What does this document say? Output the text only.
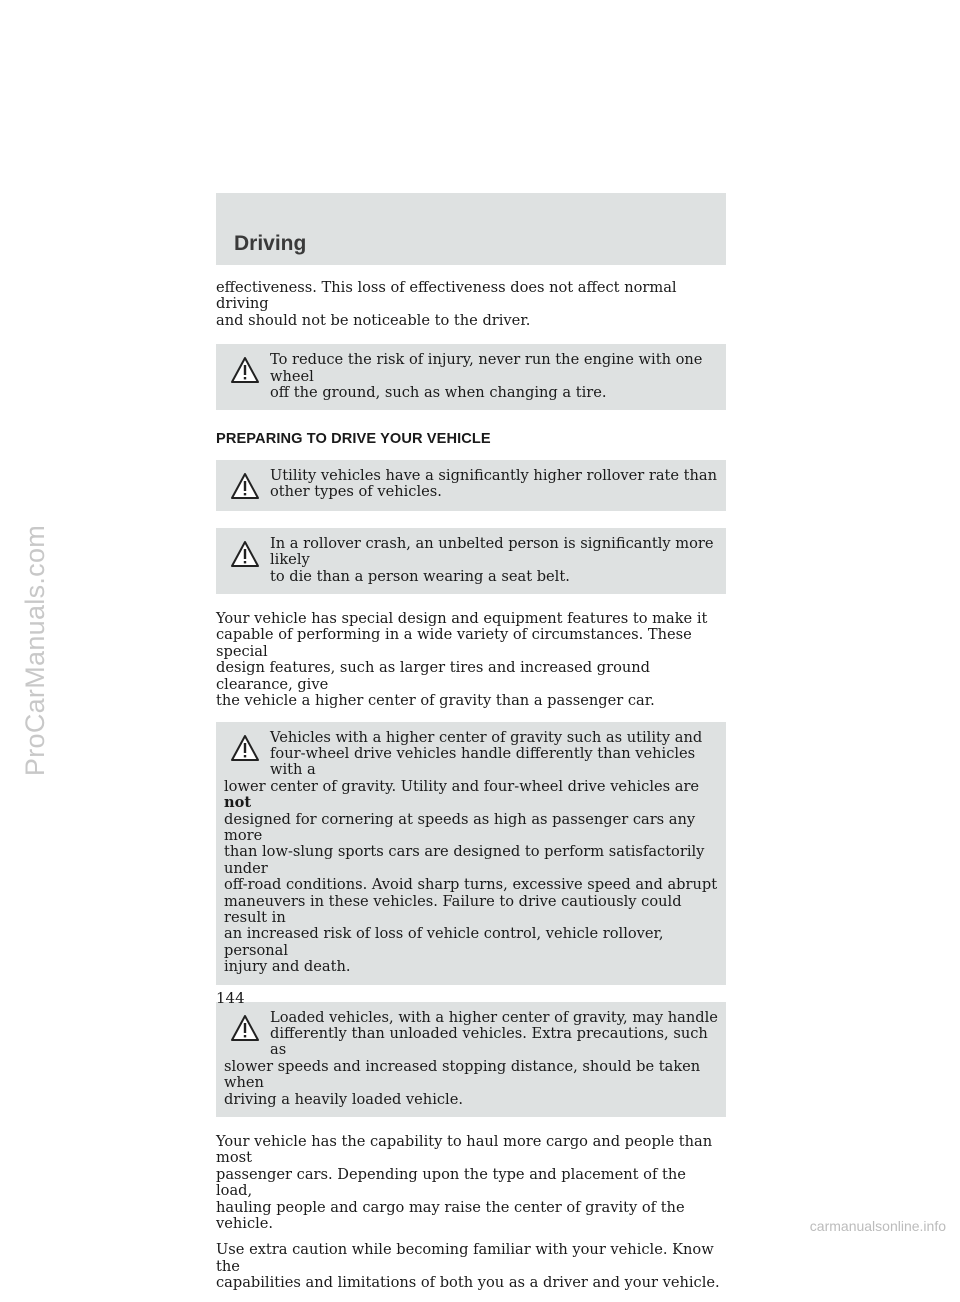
ProCarManuals.com
Driving

effectiveness. This loss of effectiveness does not affect normal driving
and should not be noticeable to the driver.

To reduce the risk of injury, never run the engine with one wheel
off the ground, such as when changing a tire.

PREPARING TO DRIVE YOUR VEHICLE

Utility vehicles have a significantly higher rollover rate than
other types of vehicles.

In a rollover crash, an unbelted person is significantly more likely
to die than a person wearing a seat belt.

Your vehicle has special design and equipment features to make it
capable of performing in a wide variety of circumstances. These special
design features, such as larger tires and increased ground clearance, give
the vehicle a higher center of gravity than a passenger car.

Vehicles with a higher center of gravity such as utility and
four-wheel drive vehicles handle differently than vehicles with a
lower center of gravity. Utility and four-wheel drive vehicles are not
designed for cornering at speeds as high as passenger cars any more
than low-slung sports cars are designed to perform satisfactorily under
off-road conditions. Avoid sharp turns, excessive speed and abrupt
maneuvers in these vehicles. Failure to drive cautiously could result in
an increased risk of loss of vehicle control, vehicle rollover, personal
injury and death.

Loaded vehicles, with a higher center of gravity, may handle
differently than unloaded vehicles. Extra precautions, such as
slower speeds and increased stopping distance, should be taken when
driving a heavily loaded vehicle.

Your vehicle has the capability to haul more cargo and people than most
passenger cars. Depending upon the type and placement of the load,
hauling people and cargo may raise the center of gravity of the vehicle.

Use extra caution while becoming familiar with your vehicle. Know the
capabilities and limitations of both you as a driver and your vehicle.

144
carmanualsonline.info
